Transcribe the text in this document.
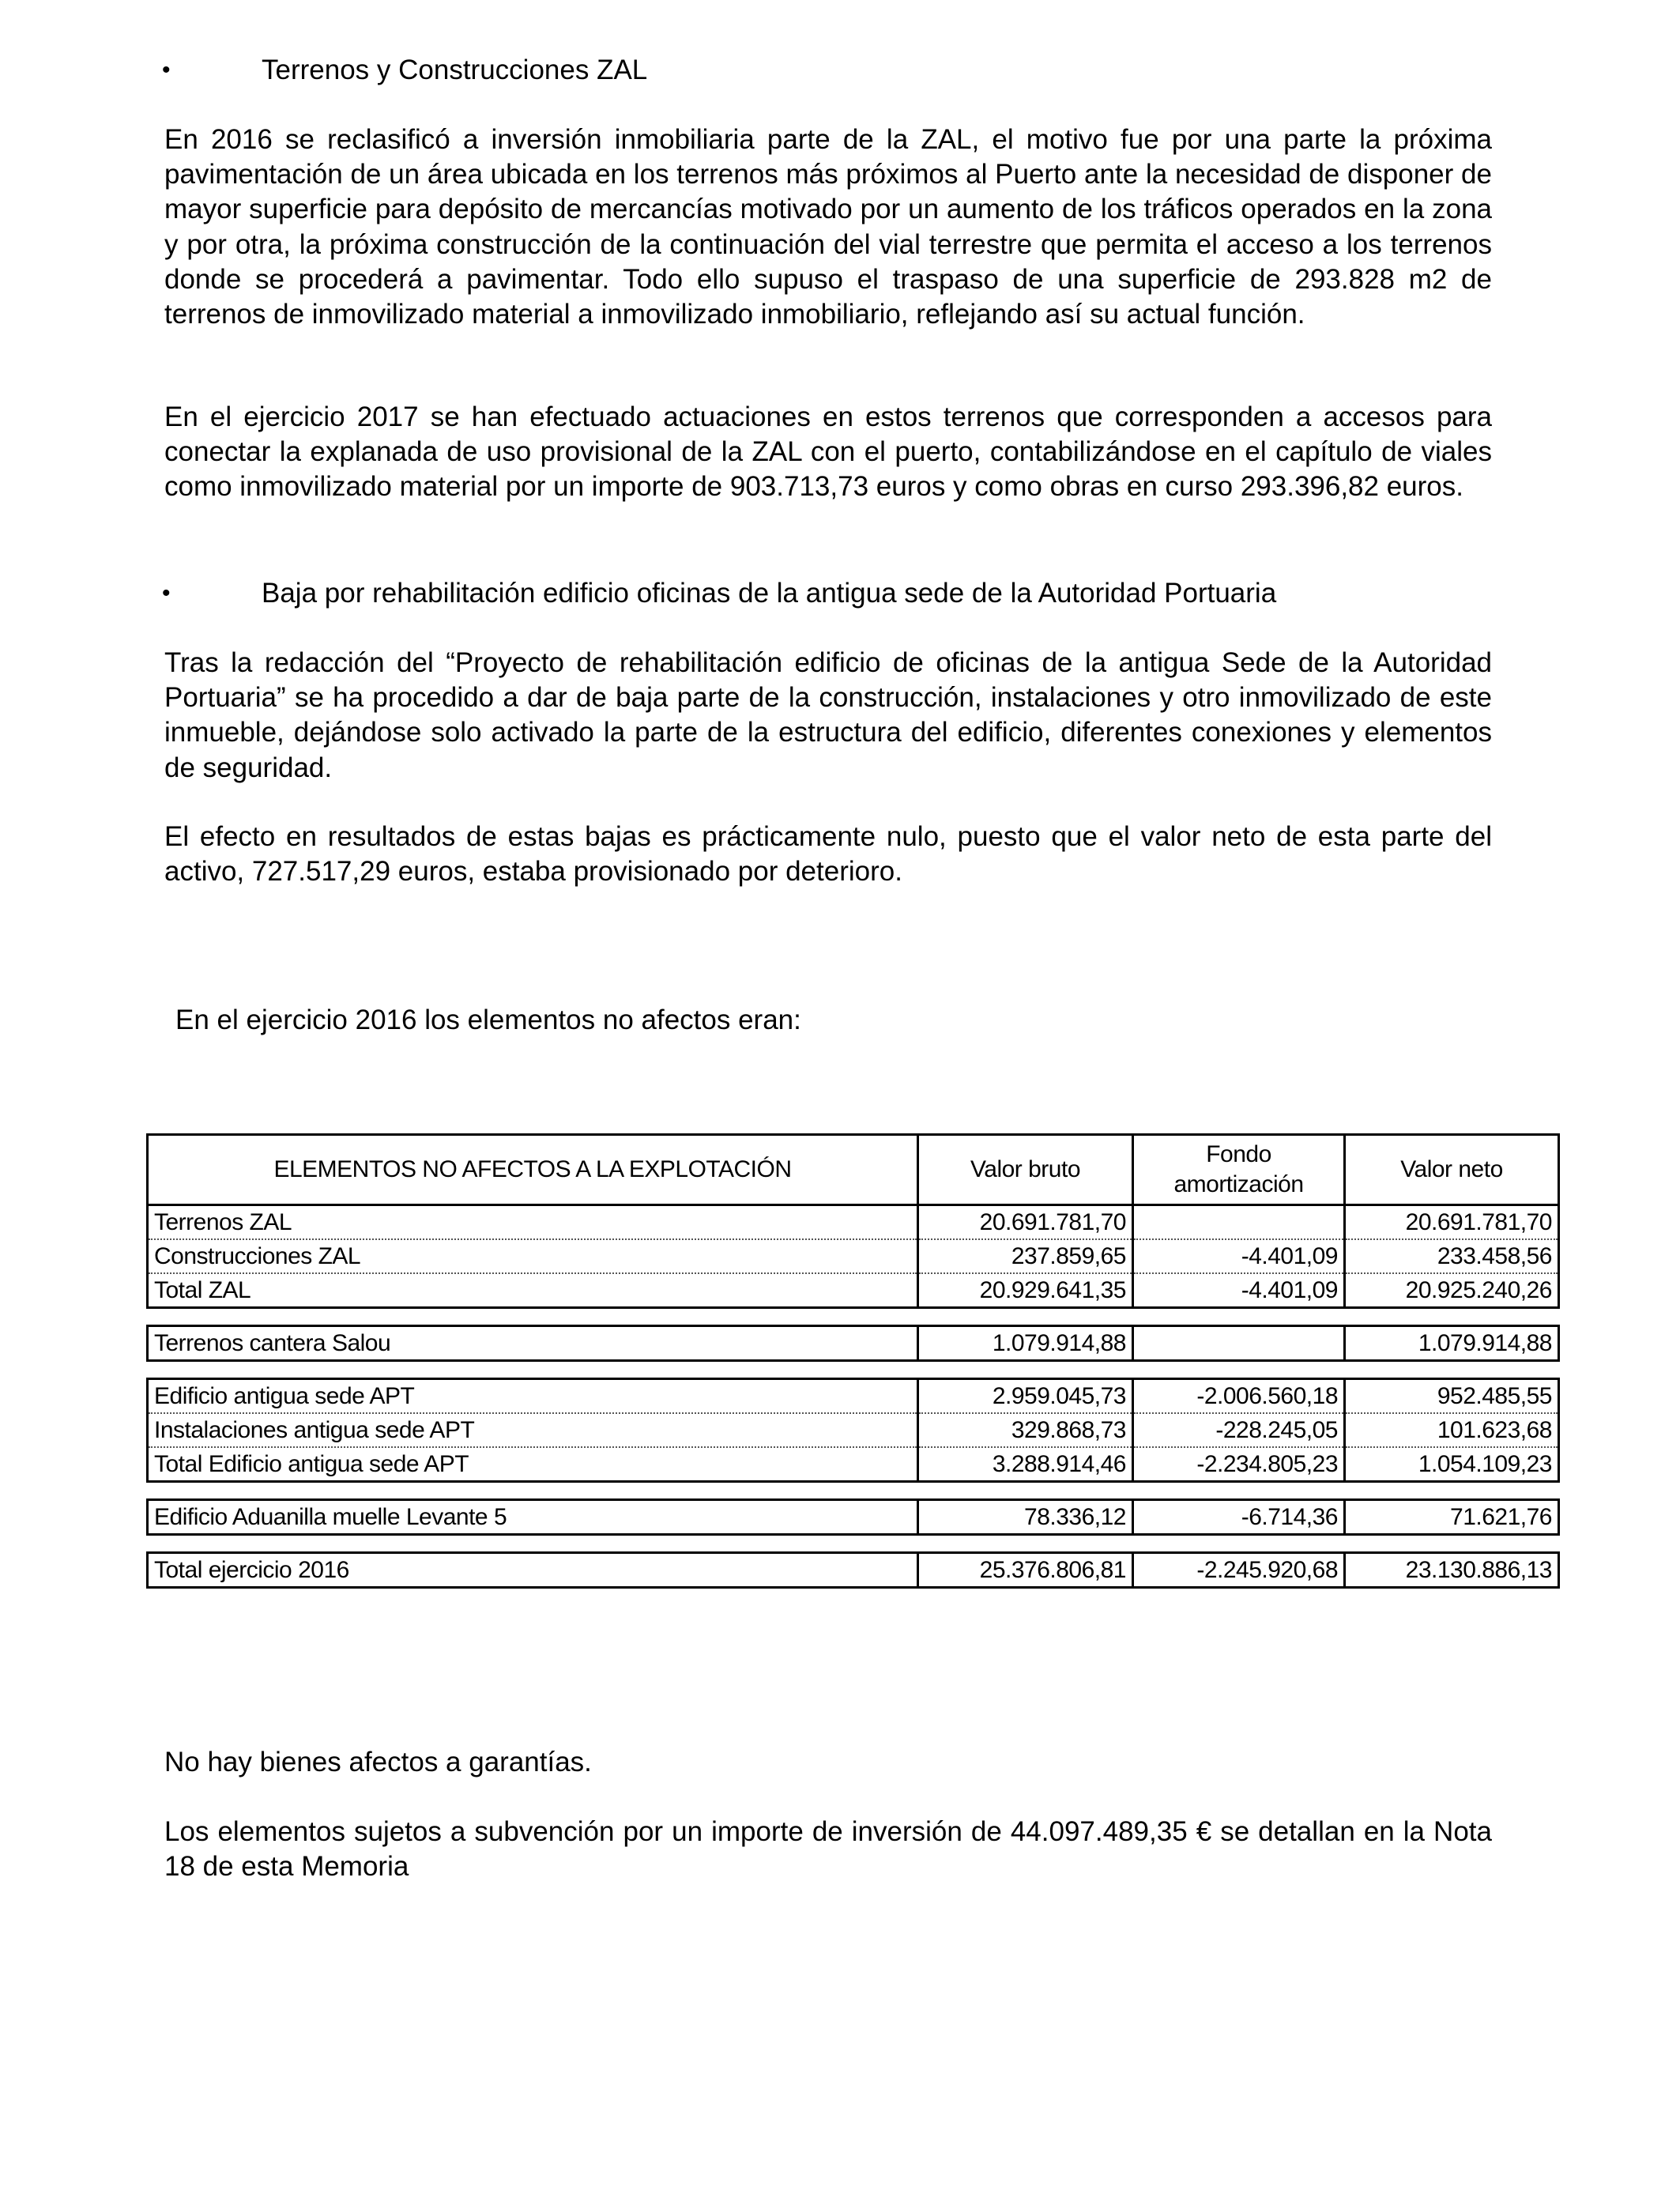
•	Terrenos y Construcciones ZAL

En 2016 se reclasificó a inversión inmobiliaria parte de la ZAL, el motivo fue por una parte la próxima pavimentación de un área ubicada en los terrenos más próximos al Puerto ante la necesidad de disponer de mayor superficie para depósito de mercancías motivado por un aumento de los tráficos operados en la zona y por otra, la próxima construcción de la continuación del vial terrestre que permita el acceso a los terrenos donde se procederá a pavimentar. Todo ello supuso el traspaso de una superficie de 293.828 m2 de terrenos de inmovilizado material a inmovilizado inmobiliario, reflejando así su actual función.

En el ejercicio 2017 se han efectuado actuaciones en estos terrenos que corresponden a accesos para conectar la explanada de uso provisional de la ZAL con el puerto, contabilizándose en el capítulo de viales como inmovilizado material por un importe de 903.713,73 euros y como obras en curso 293.396,82 euros.

•	Baja por rehabilitación edificio oficinas de la antigua sede de la Autoridad Portuaria

Tras la redacción del “Proyecto de rehabilitación edificio de oficinas de la antigua Sede de la Autoridad Portuaria” se ha procedido a dar de baja parte de la construcción, instalaciones y otro inmovilizado de este inmueble, dejándose solo activado la parte de la estructura del edificio, diferentes conexiones y elementos de seguridad.

El efecto en resultados de estas bajas es prácticamente nulo, puesto que el valor neto de esta parte del activo, 727.517,29 euros, estaba provisionado por deterioro.

En el ejercicio 2016 los elementos no afectos eran:

ELEMENTOS NO AFECTOS A LA EXPLOTACIÓN	Valor bruto	Fondo
amortización	Valor neto
Terrenos ZAL	20.691.781,70		20.691.781,70
Construcciones ZAL	237.859,65	-4.401,09	233.458,56
Total ZAL	20.929.641,35	-4.401,09	20.925.240,26

Terrenos cantera Salou	1.079.914,88		1.079.914,88

Edificio antigua sede APT	2.959.045,73	-2.006.560,18	952.485,55
Instalaciones antigua sede APT	329.868,73	-228.245,05	101.623,68
Total Edificio antigua sede APT	3.288.914,46	-2.234.805,23	1.054.109,23

Edificio Aduanilla muelle Levante 5	78.336,12	-6.714,36	71.621,76

Total ejercicio 2016	25.376.806,81	-2.245.920,68	23.130.886,13

No hay bienes afectos a garantías.

Los elementos sujetos a subvención por un importe de inversión de 44.097.489,35 € se detallan en la Nota 18 de esta Memoria
